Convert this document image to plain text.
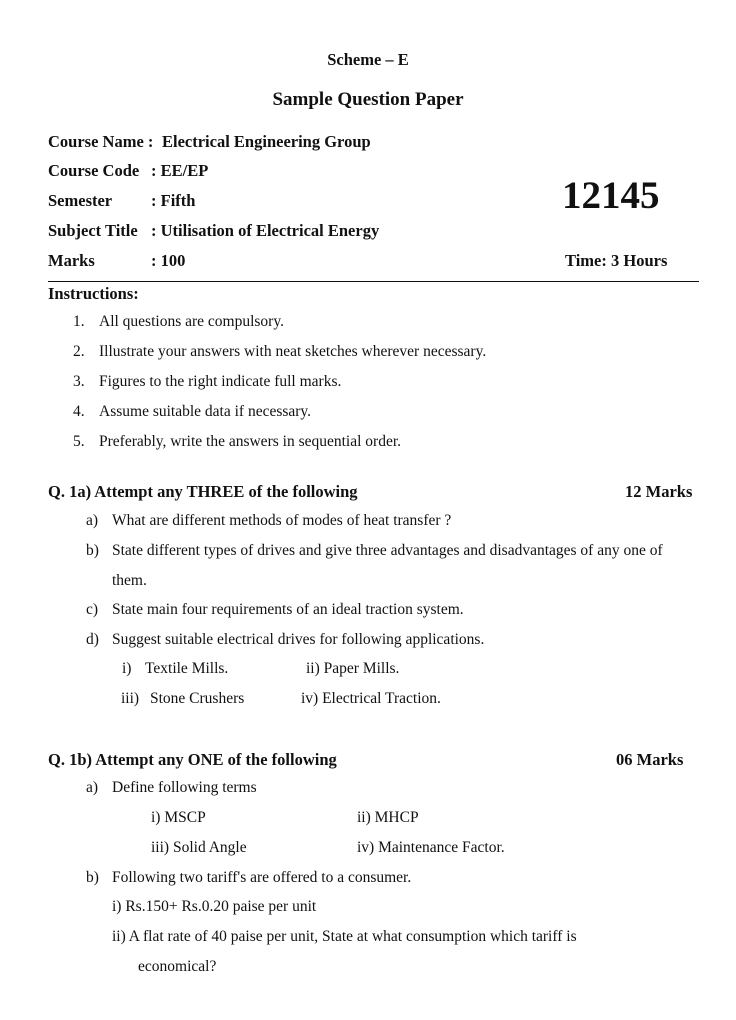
Scheme – E
Sample Question Paper
12145
Course Name : Electrical Engineering Group
Course Code : EE/EP
Semester : Fifth
Subject Title : Utilisation of Electrical Energy
Marks	: 100	Time: 3 Hours
Instructions:
1. All questions are compulsory.
2. Illustrate your answers with neat sketches wherever necessary.
3. Figures to the right indicate full marks.
4. Assume suitable data if necessary.
5. Preferably, write the answers in sequential order.
Q. 1a) Attempt any THREE of the following	12 Marks
a) What are different methods of modes of heat transfer ?
b) State different types of drives and give three advantages and disadvantages of any one of
them.
c) State main four requirements of an ideal traction system.
d) Suggest suitable electrical drives for following applications.
i) Textile Mills.	ii) Paper Mills.
iii) Stone Crushers	iv) Electrical Traction.
Q. 1b) Attempt any ONE of the following	06 Marks
a) Define following terms
i) MSCP	ii) MHCP
iii) Solid Angle	iv) Maintenance Factor.
b) Following two tariff's are offered to a consumer.
i) Rs.150+ Rs.0.20 paise per unit
ii) A flat rate of 40 paise per unit, State at what consumption which tariff is
economical?
